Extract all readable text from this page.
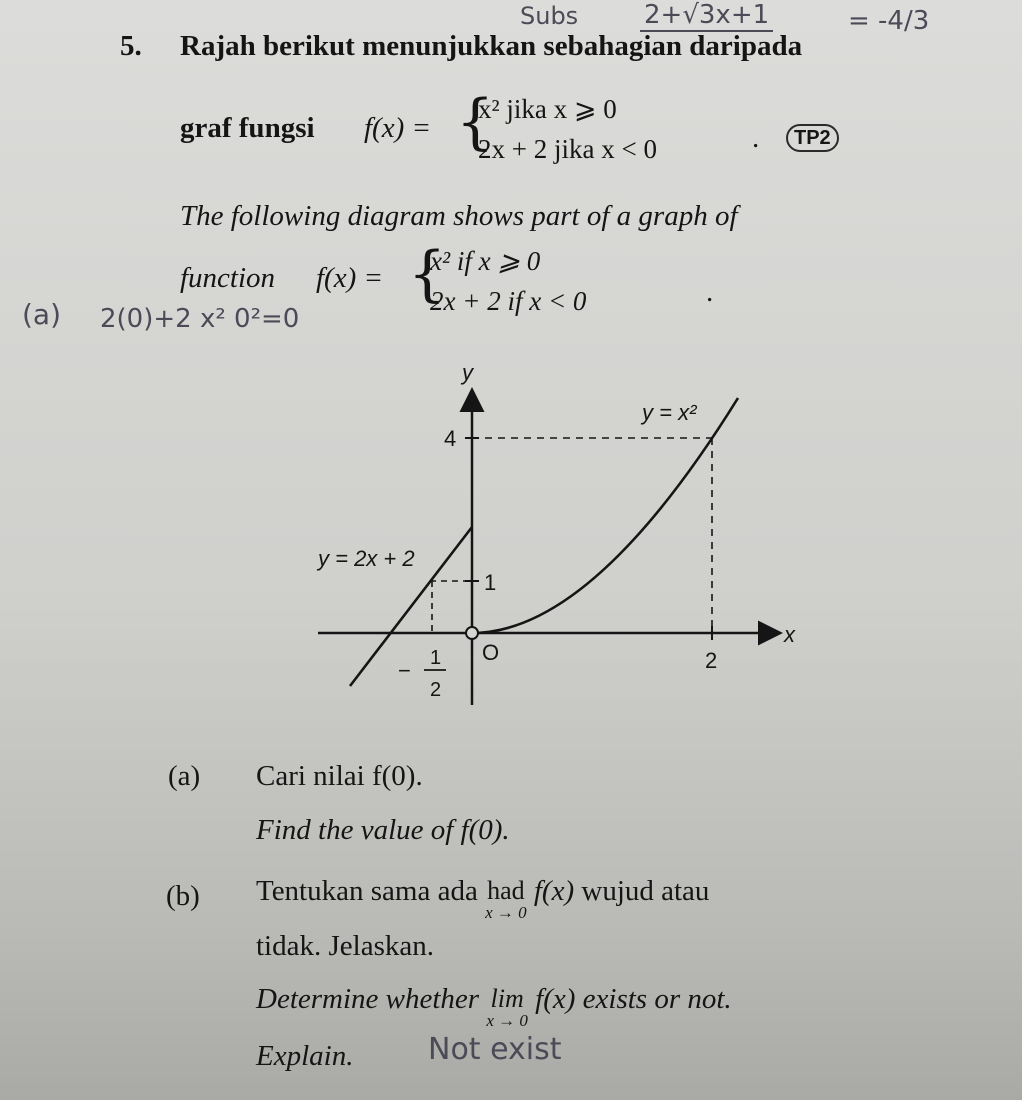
Subs	2+√3x+1	= -4/3
5. Rajah berikut menunjukkan sebahagian daripada
graf fungsi f(x) = {
x² jika x ⩾ 0
2x + 2 jika x < 0	.	TP2
The following diagram shows part of a graph of
function f(x) = {
x² if x ⩾ 0
2x + 2 if x < 0	.
(a) 2(0)+2 x² 0²=0
y
x
y = x²
y = 2x + 2
4
1
2
O
− 1
2
(a) Cari nilai f(0).
Find the value of f(0).
(b) Tentukan sama ada had
x → 0
f(x) wujud atau
tidak. Jelaskan.
Determine whether lim
x → 0
f(x) exists or not.
Explain. Not exist
